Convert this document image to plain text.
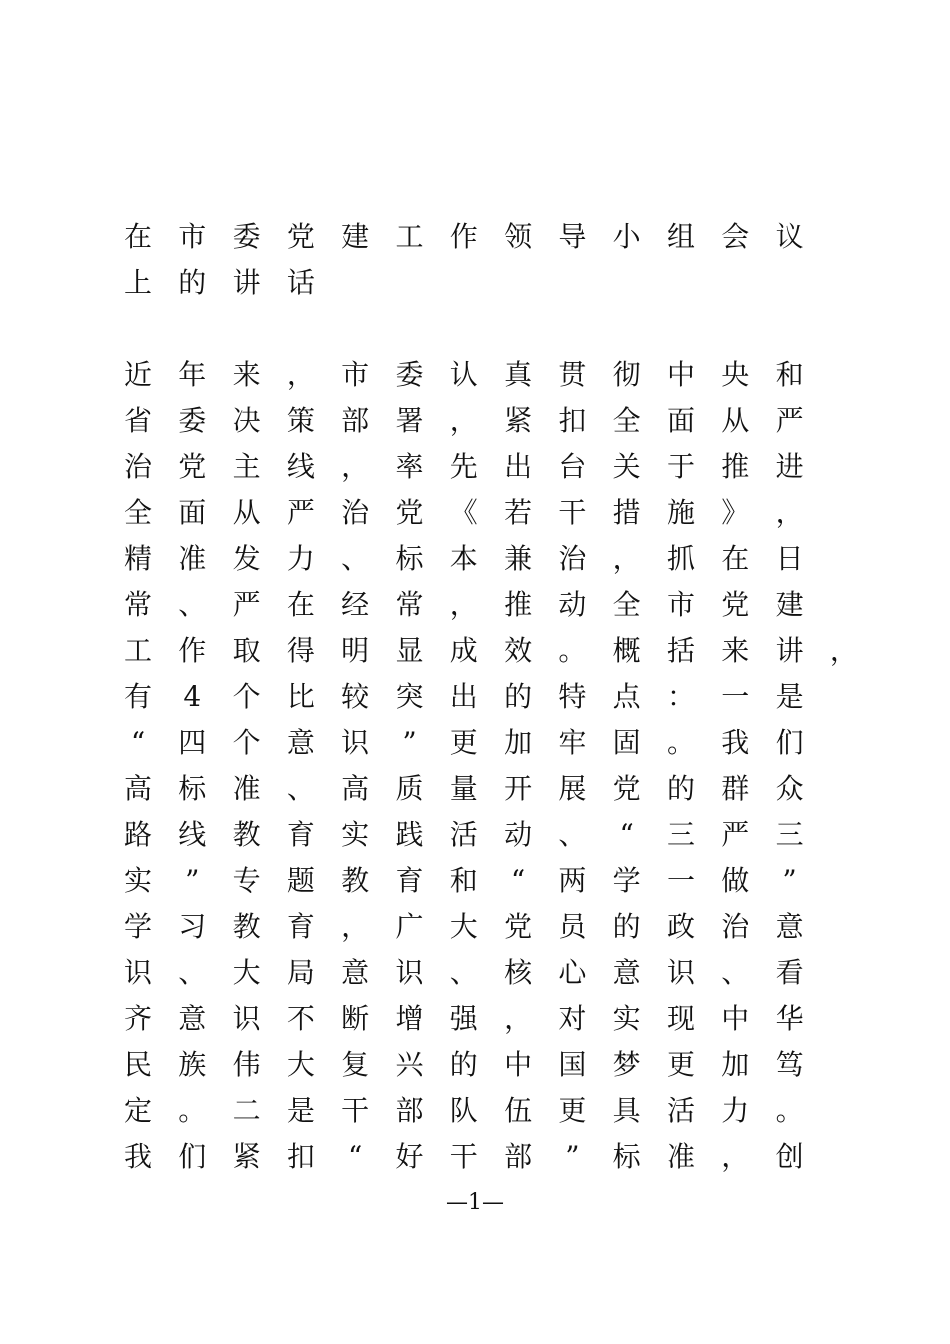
在 市 委 党 建 工 作 领 导 小 组 会 议
上 的 讲 话
近 年 来 ， 市 委 认 真 贯 彻 中 央 和
省 委 决 策 部 署 ， 紧 扣 全 面 从 严
治 党 主 线 ， 率 先 出 台 关 于 推 进
全 面 从 严 治 党 《 若 干 措 施 》 ，
精 准 发 力 、 标 本 兼 治 ， 抓 在 日
常 、 严 在 经 常 ， 推 动 全 市 党 建
工 作 取 得 明 显 成 效 。 概 括 来 讲 ，
有 4 个 比 较 突 出 的 特 点 ： 一 是
“	四 个 意 识	”	更 加 牢 固 。 我 们
高 标 准 、 高 质 量 开 展 党 的 群 众
路 线 教 育 实 践 活 动 、	“	三 严 三
实	”	专 题 教 育 和	“	两 学 一 做	”
学 习 教 育 ， 广 大 党 员 的 政 治 意
识 、 大 局 意 识 、 核 心 意 识 、 看
齐 意 识 不 断 增 强 ， 对 实 现 中 华
民 族 伟 大 复 兴 的 中 国 梦 更 加 笃
定 。 二 是 干 部 队 伍 更 具 活 力 。
我 们 紧 扣	“	好 干 部	”	标 准 ， 创
—1—
